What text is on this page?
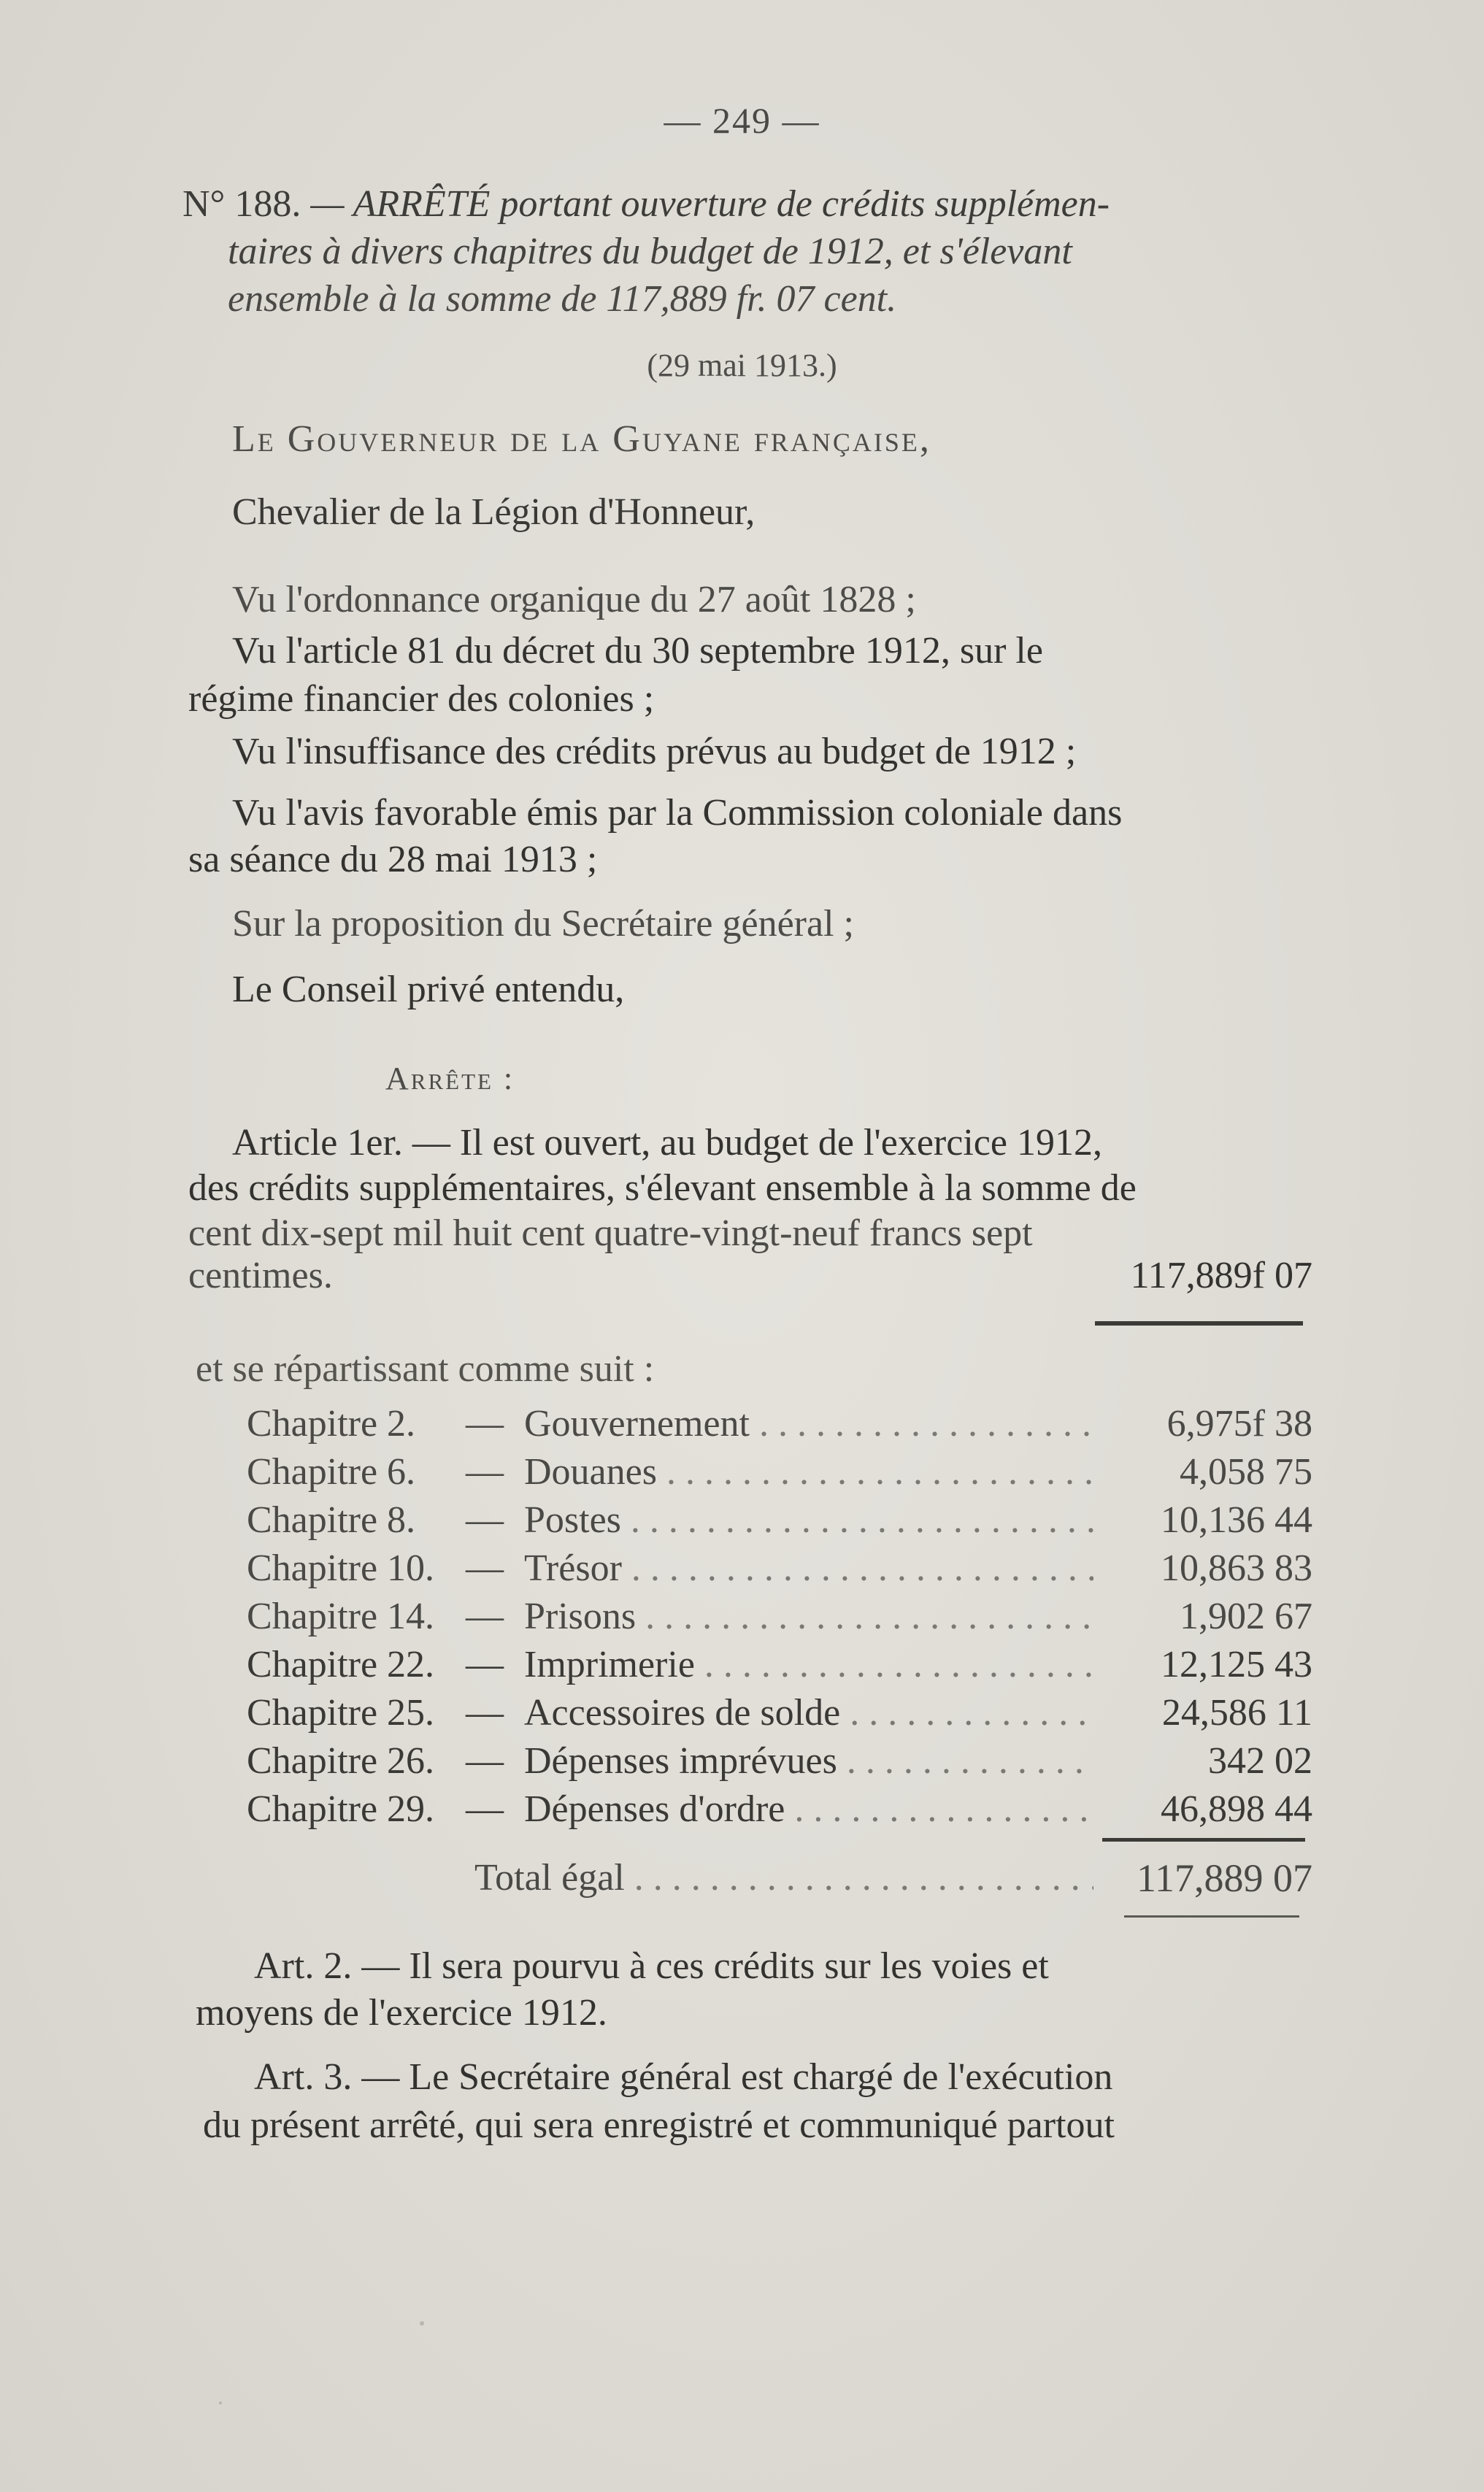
— 249 —
N° 188. — ARRÊTÉ portant ouverture de crédits supplémen-
taires à divers chapitres du budget de 1912, et s'élevant
ensemble à la somme de 117,889 fr. 07 cent.
(29 mai 1913.)
Le Gouverneur de la Guyane française,
Chevalier de la Légion d'Honneur,
Vu l'ordonnance organique du 27 août 1828 ;
Vu l'article 81 du décret du 30 septembre 1912, sur le
régime financier des colonies ;
Vu l'insuffisance des crédits prévus au budget de 1912 ;
Vu l'avis favorable émis par la Commission coloniale dans
sa séance du 28 mai 1913 ;
Sur la proposition du Secrétaire général ;
Le Conseil privé entendu,
Arrête :
Article 1er. — Il est ouvert, au budget de l'exercice 1912,
des crédits supplémentaires, s'élevant ensemble à la somme de
cent dix-sept mil huit cent quatre-vingt-neuf francs sept
centimes.	117,889f 07
et se répartissant comme suit :
Chapitre 2.	— Gouvernement . . .	6,975f 38
Chapitre 6.	— Douanes . . .	4,058 75
Chapitre 8.	— Postes . . .	10,136 44
Chapitre 10. — Trésor . . .	10,863 83
Chapitre 14. — Prisons . . .	1,902 67
Chapitre 22. — Imprimerie . . .	12,125 43
Chapitre 25. — Accessoires de solde . . .	24,586 11
Chapitre 26. — Dépenses imprévues . . .	342 02
Chapitre 29. — Dépenses d'ordre . . .	46,898 44
Total égal . . .	117,889 07
Art. 2. — Il sera pourvu à ces crédits sur les voies et
moyens de l'exercice 1912.
Art. 3. — Le Secrétaire général est chargé de l'exécution
du présent arrêté, qui sera enregistré et communiqué partout
